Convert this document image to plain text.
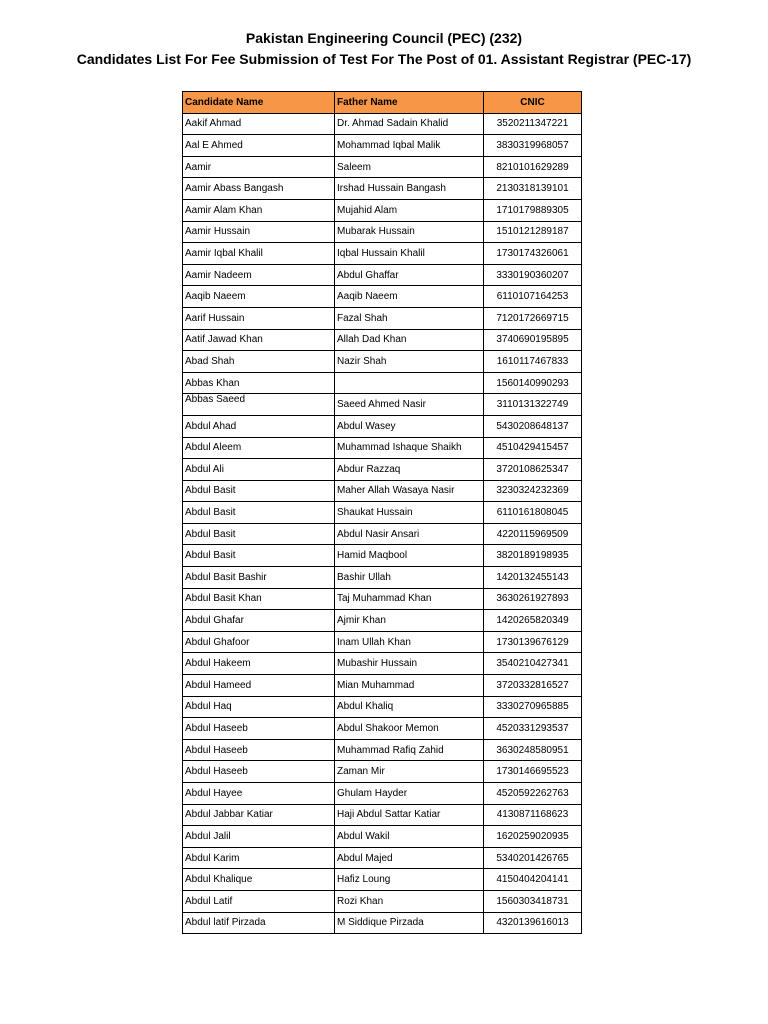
Pakistan Engineering Council (PEC) (232)
Candidates List For Fee Submission of Test For The Post of 01. Assistant Registrar (PEC-17)
Candidate Name	Father Name	CNIC
Aakif Ahmad	Dr. Ahmad Sadain Khalid	3520211347221
Aal E Ahmed	Mohammad Iqbal Malik	3830319968057
Aamir	Saleem	8210101629289
Aamir Abass Bangash	Irshad Hussain Bangash	2130318139101
Aamir Alam Khan	Mujahid Alam	1710179889305
Aamir Hussain	Mubarak Hussain	1510121289187
Aamir Iqbal Khalil	Iqbal Hussain Khalil	1730174326061
Aamir Nadeem	Abdul Ghaffar	3330190360207
Aaqib Naeem	Aaqib Naeem	6110107164253
Aarif Hussain	Fazal Shah	7120172669715
Aatif Jawad Khan	Allah Dad Khan	3740690195895
Abad Shah	Nazir Shah	1610117467833
Abbas Khan		1560140990293
Abbas Saeed	Saeed Ahmed Nasir	3110131322749
Abdul Ahad	Abdul Wasey	5430208648137
Abdul Aleem	Muhammad Ishaque Shaikh	4510429415457
Abdul Ali	Abdur Razzaq	3720108625347
Abdul Basit	Maher Allah Wasaya Nasir	3230324232369
Abdul Basit	Shaukat Hussain	6110161808045
Abdul Basit	Abdul Nasir Ansari	4220115969509
Abdul Basit	Hamid Maqbool	3820189198935
Abdul Basit Bashir	Bashir Ullah	1420132455143
Abdul Basit Khan	Taj Muhammad Khan	3630261927893
Abdul Ghafar	Ajmir Khan	1420265820349
Abdul Ghafoor	Inam Ullah Khan	1730139676129
Abdul Hakeem	Mubashir Hussain	3540210427341
Abdul Hameed	Mian Muhammad	3720332816527
Abdul Haq	Abdul Khaliq	3330270965885
Abdul Haseeb	Abdul Shakoor Memon	4520331293537
Abdul Haseeb	Muhammad Rafiq Zahid	3630248580951
Abdul Haseeb	Zaman Mir	1730146695523
Abdul Hayee	Ghulam Hayder	4520592262763
Abdul Jabbar Katiar	Haji Abdul Sattar Katiar	4130871168623
Abdul Jalil	Abdul Wakil	1620259020935
Abdul Karim	Abdul Majed	5340201426765
Abdul Khalique	Hafiz Loung	4150404204141
Abdul Latif	Rozi Khan	1560303418731
Abdul latif Pirzada	M Siddique Pirzada	4320139616013
